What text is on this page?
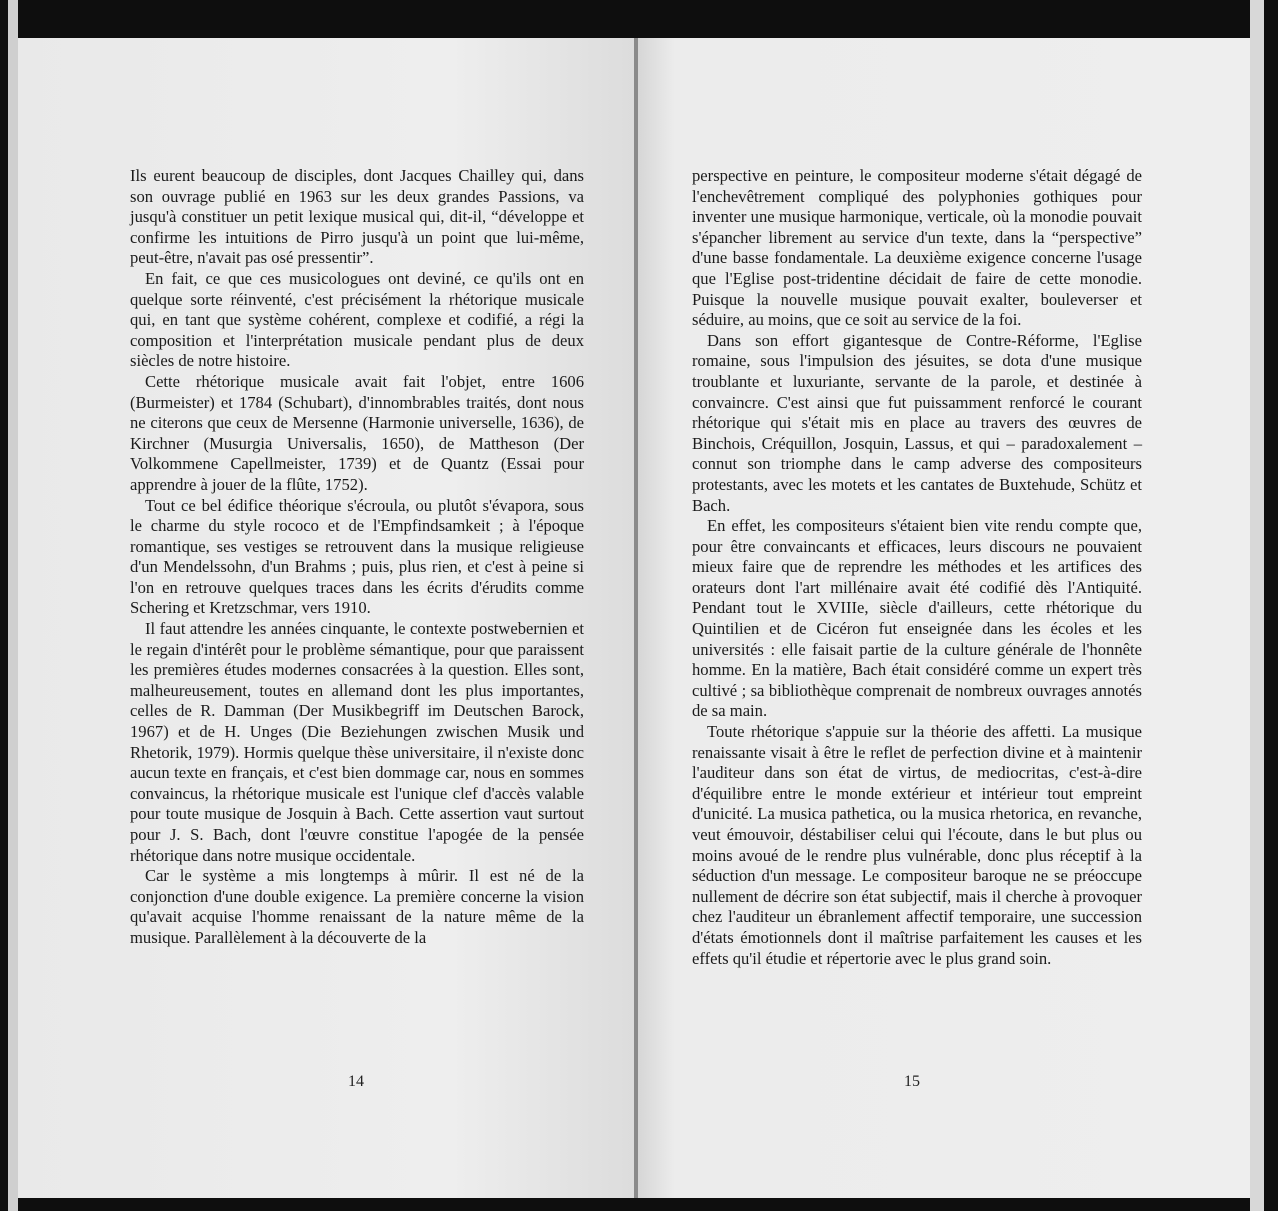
Ils eurent beaucoup de disciples, dont Jacques Chailley qui, dans son ouvrage publié en 1963 sur les deux grandes Passions, va jusqu'à constituer un petit lexique musical qui, dit-il, “développe et confirme les intuitions de Pirro jusqu'à un point que lui-même, peut-être, n'avait pas osé pressentir”.

En fait, ce que ces musicologues ont deviné, ce qu'ils ont en quelque sorte réinventé, c'est précisément la rhétorique musicale qui, en tant que système cohérent, complexe et codifié, a régi la composition et l'interprétation musicale pendant plus de deux siècles de notre histoire.

Cette rhétorique musicale avait fait l'objet, entre 1606 (Burmeister) et 1784 (Schubart), d'innombrables traités, dont nous ne citerons que ceux de Mersenne (Harmonie universelle, 1636), de Kirchner (Musurgia Universalis, 1650), de Mattheson (Der Volkommene Capellmeister, 1739) et de Quantz (Essai pour apprendre à jouer de la flûte, 1752).

Tout ce bel édifice théorique s'écroula, ou plutôt s'évapora, sous le charme du style rococo et de l'Empfindsamkeit ; à l'époque romantique, ses vestiges se retrouvent dans la musique religieuse d'un Mendelssohn, d'un Brahms ; puis, plus rien, et c'est à peine si l'on en retrouve quelques traces dans les écrits d'érudits comme Schering et Kretzschmar, vers 1910.

Il faut attendre les années cinquante, le contexte postwebernien et le regain d'intérêt pour le problème sémantique, pour que paraissent les premières études modernes consacrées à la question. Elles sont, malheureusement, toutes en allemand dont les plus importantes, celles de R. Damman (Der Musikbegriff im Deutschen Barock, 1967) et de H. Unges (Die Beziehungen zwischen Musik und Rhetorik, 1979). Hormis quelque thèse universitaire, il n'existe donc aucun texte en français, et c'est bien dommage car, nous en sommes convaincus, la rhétorique musicale est l'unique clef d'accès valable pour toute musique de Josquin à Bach. Cette assertion vaut surtout pour J. S. Bach, dont l'œuvre constitue l'apogée de la pensée rhétorique dans notre musique occidentale.

Car le système a mis longtemps à mûrir. Il est né de la conjonction d'une double exigence. La première concerne la vision qu'avait acquise l'homme renaissant de la nature même de la musique. Parallèlement à la découverte de la

14

perspective en peinture, le compositeur moderne s'était dégagé de l'enchevêtrement compliqué des polyphonies gothiques pour inventer une musique harmonique, verticale, où la monodie pouvait s'épancher librement au service d'un texte, dans la “perspective” d'une basse fondamentale. La deuxième exigence concerne l'usage que l'Eglise post-tridentine décidait de faire de cette monodie. Puisque la nouvelle musique pouvait exalter, bouleverser et séduire, au moins, que ce soit au service de la foi.

Dans son effort gigantesque de Contre-Réforme, l'Eglise romaine, sous l'impulsion des jésuites, se dota d'une musique troublante et luxuriante, servante de la parole, et destinée à convaincre. C'est ainsi que fut puissamment renforcé le courant rhétorique qui s'était mis en place au travers des œuvres de Binchois, Créquillon, Josquin, Lassus, et qui – paradoxalement – connut son triomphe dans le camp adverse des compositeurs protestants, avec les motets et les cantates de Buxtehude, Schütz et Bach.

En effet, les compositeurs s'étaient bien vite rendu compte que, pour être convaincants et efficaces, leurs discours ne pouvaient mieux faire que de reprendre les méthodes et les artifices des orateurs dont l'art millénaire avait été codifié dès l'Antiquité. Pendant tout le XVIIIe, siècle d'ailleurs, cette rhétorique du Quintilien et de Cicéron fut enseignée dans les écoles et les universités : elle faisait partie de la culture générale de l'honnête homme. En la matière, Bach était considéré comme un expert très cultivé ; sa bibliothèque comprenait de nombreux ouvrages annotés de sa main.

Toute rhétorique s'appuie sur la théorie des affetti. La musique renaissante visait à être le reflet de perfection divine et à maintenir l'auditeur dans son état de virtus, de mediocritas, c'est-à-dire d'équilibre entre le monde extérieur et intérieur tout empreint d'unicité. La musica pathetica, ou la musica rhetorica, en revanche, veut émouvoir, déstabiliser celui qui l'écoute, dans le but plus ou moins avoué de le rendre plus vulnérable, donc plus réceptif à la séduction d'un message. Le compositeur baroque ne se préoccupe nullement de décrire son état subjectif, mais il cherche à provoquer chez l'auditeur un ébranlement affectif temporaire, une succession d'états émotionnels dont il maîtrise parfaitement les causes et les effets qu'il étudie et répertorie avec le plus grand soin.

15
